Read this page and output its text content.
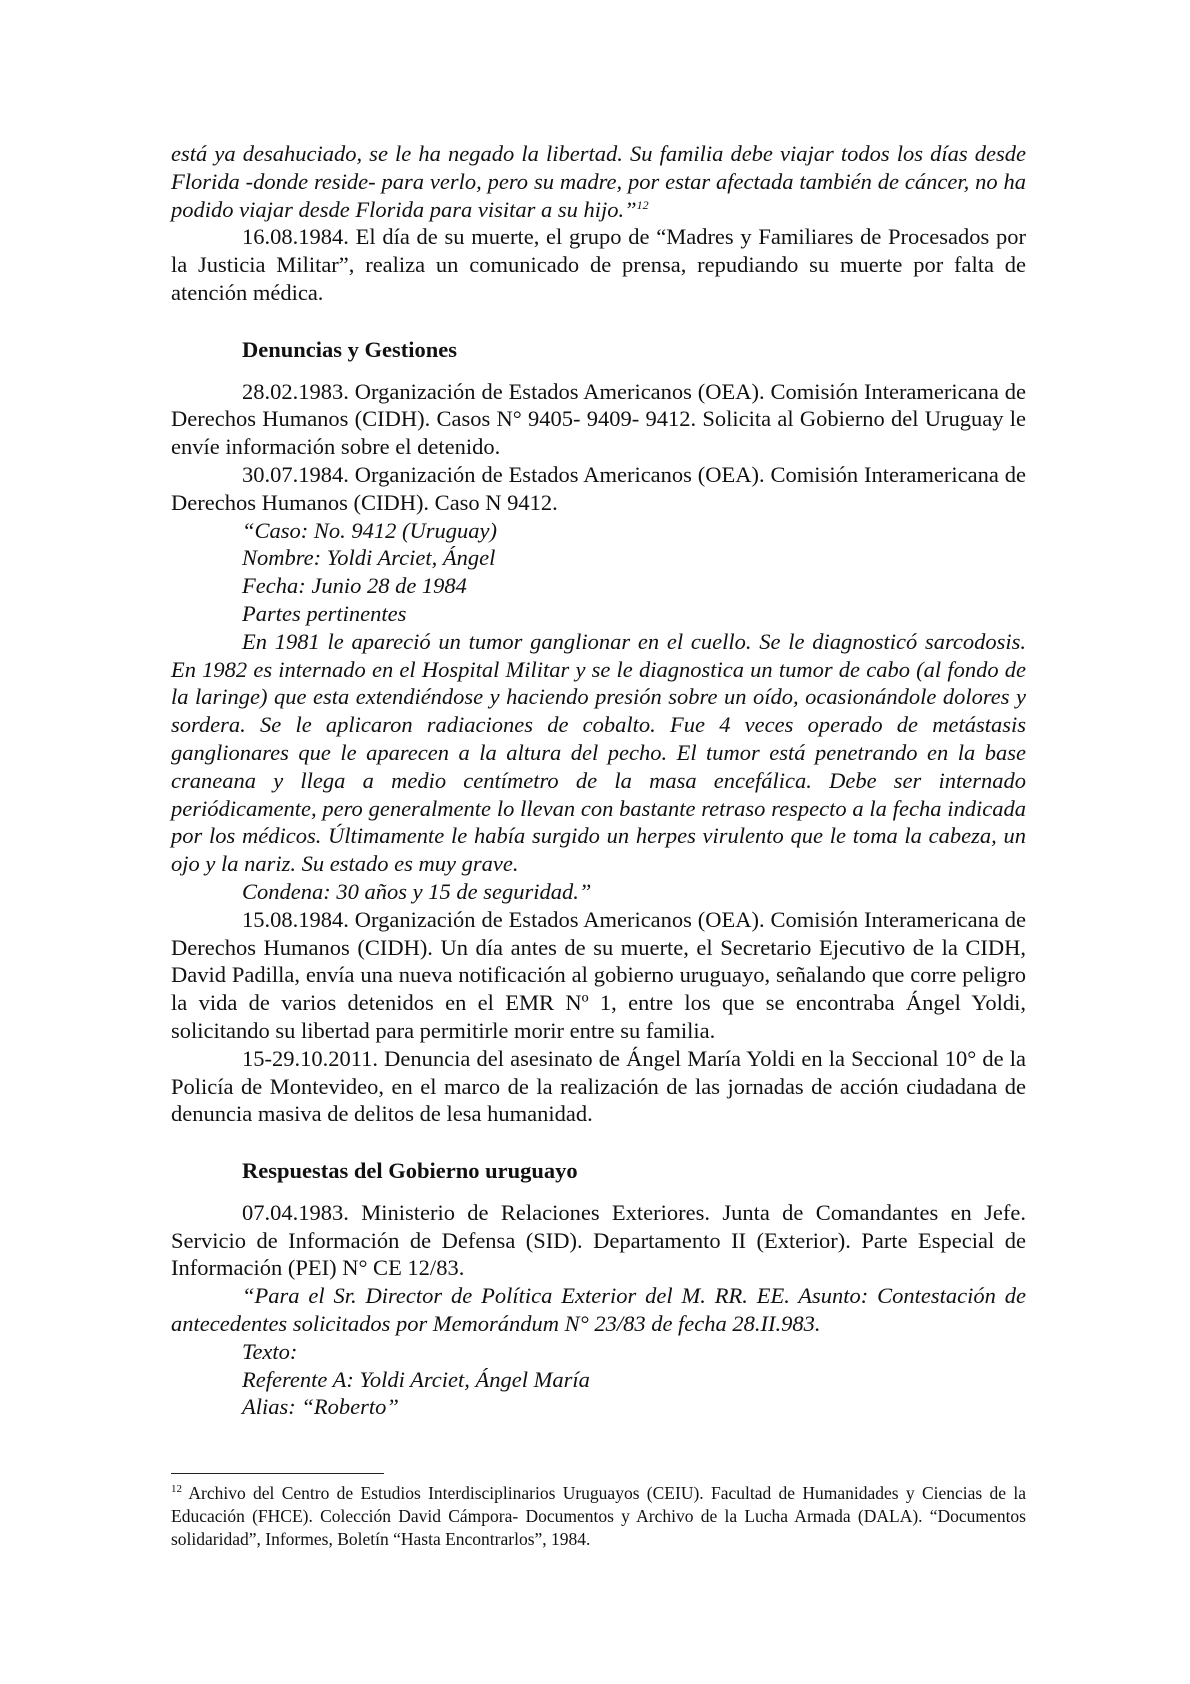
está ya desahuciado, se le ha negado la libertad. Su familia debe viajar todos los días desde Florida -donde reside- para verlo, pero su madre, por estar afectada también de cáncer, no ha podido viajar desde Florida para visitar a su hijo.”$^{12}$

16.08.1984. El día de su muerte, el grupo de “Madres y Familiares de Procesados por la Justicia Militar”, realiza un comunicado de prensa, repudiando su muerte por falta de atención médica.

Denuncias y Gestiones

28.02.1983. Organización de Estados Americanos (OEA). Comisión Interamericana de Derechos Humanos (CIDH). Casos N° 9405- 9409- 9412. Solicita al Gobierno del Uruguay le envíe información sobre el detenido.

30.07.1984. Organización de Estados Americanos (OEA). Comisión Interamericana de Derechos Humanos (CIDH). Caso N 9412.

“Caso: No. 9412 (Uruguay)

Nombre: Yoldi Arciet, Ángel

Fecha: Junio 28 de 1984

Partes pertinentes

En 1981 le apareció un tumor ganglionar en el cuello. Se le diagnosticó sarcodosis. En 1982 es internado en el Hospital Militar y se le diagnostica un tumor de cabo (al fondo de la laringe) que esta extendiéndose y haciendo presión sobre un oído, ocasionándole dolores y sordera. Se le aplicaron radiaciones de cobalto. Fue 4 veces operado de metástasis ganglionares que le aparecen a la altura del pecho. El tumor está penetrando en la base craneana y llega a medio centímetro de la masa encefálica. Debe ser internado periódicamente, pero generalmente lo llevan con bastante retraso respecto a la fecha indicada por los médicos. Últimamente le había surgido un herpes virulento que le toma la cabeza, un ojo y la nariz. Su estado es muy grave.

Condena: 30 años y 15 de seguridad.”

15.08.1984. Organización de Estados Americanos (OEA). Comisión Interamericana de Derechos Humanos (CIDH). Un día antes de su muerte, el Secretario Ejecutivo de la CIDH, David Padilla, envía una nueva notificación al gobierno uruguayo, señalando que corre peligro la vida de varios detenidos en el EMR Nº 1, entre los que se encontraba Ángel Yoldi, solicitando su libertad para permitirle morir entre su familia.

15-29.10.2011. Denuncia del asesinato de Ángel María Yoldi en la Seccional 10° de la Policía de Montevideo, en el marco de la realización de las jornadas de acción ciudadana de denuncia masiva de delitos de lesa humanidad.

Respuestas del Gobierno uruguayo

07.04.1983. Ministerio de Relaciones Exteriores. Junta de Comandantes en Jefe. Servicio de Información de Defensa (SID). Departamento II (Exterior). Parte Especial de Información (PEI) N° CE 12/83.

“Para el Sr. Director de Política Exterior del M. RR. EE. Asunto: Contestación de antecedentes solicitados por Memorándum N° 23/83 de fecha 28.II.983.

Texto:

Referente A: Yoldi Arciet, Ángel María

Alias: “Roberto”

$^{12}$ Archivo del Centro de Estudios Interdisciplinarios Uruguayos (CEIU). Facultad de Humanidades y Ciencias de la Educación (FHCE). Colección David Cámpora- Documentos y Archivo de la Lucha Armada (DALA). “Documentos solidaridad”, Informes, Boletín “Hasta Encontrarlos”, 1984.
